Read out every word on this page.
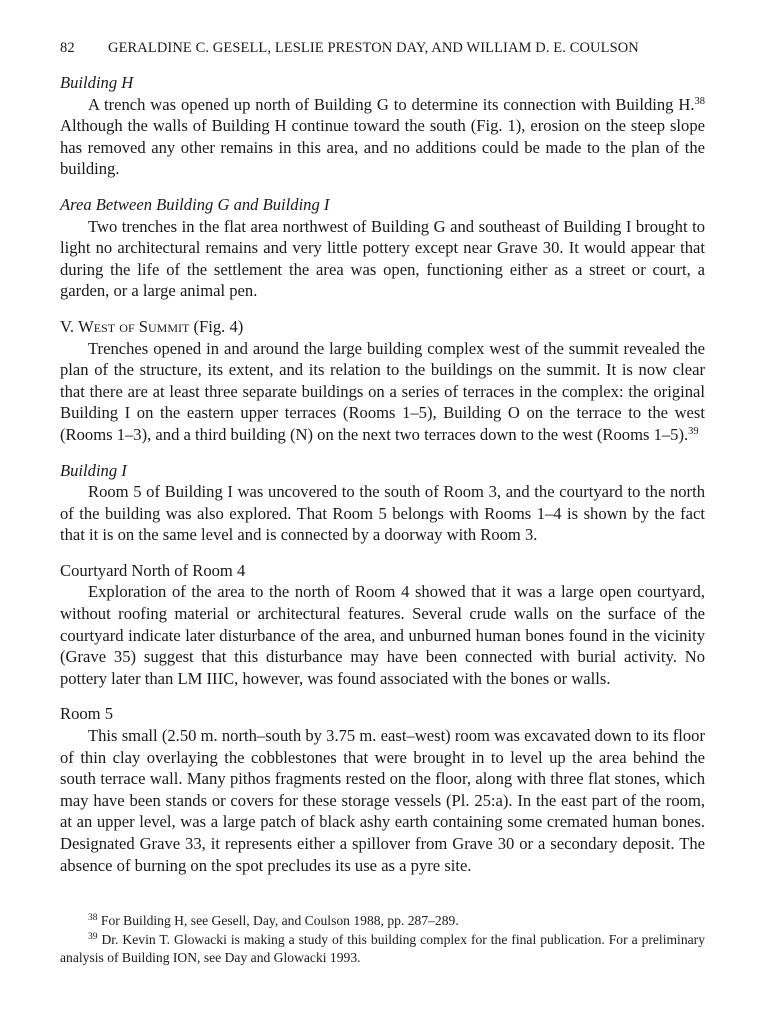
82 GERALDINE C. GESELL, LESLIE PRESTON DAY, AND WILLIAM D. E. COULSON

Building H

A trench was opened up north of Building G to determine its connection with Building H.$^{38}$ Although the walls of Building H continue toward the south (Fig. 1), erosion on the steep slope has removed any other remains in this area, and no additions could be made to the plan of the building.

Area Between Building G and Building I

Two trenches in the flat area northwest of Building G and southeast of Building I brought to light no architectural remains and very little pottery except near Grave 30. It would appear that during the life of the settlement the area was open, functioning either as a street or court, a garden, or a large animal pen.

V. West of Summit (Fig. 4)

Trenches opened in and around the large building complex west of the summit revealed the plan of the structure, its extent, and its relation to the buildings on the summit. It is now clear that there are at least three separate buildings on a series of terraces in the complex: the original Building I on the eastern upper terraces (Rooms 1–5), Building O on the terrace to the west (Rooms 1–3), and a third building (N) on the next two terraces down to the west (Rooms 1–5).$^{39}$

Building I

Room 5 of Building I was uncovered to the south of Room 3, and the courtyard to the north of the building was also explored. That Room 5 belongs with Rooms 1–4 is shown by the fact that it is on the same level and is connected by a doorway with Room 3.

Courtyard North of Room 4

Exploration of the area to the north of Room 4 showed that it was a large open courtyard, without roofing material or architectural features. Several crude walls on the surface of the courtyard indicate later disturbance of the area, and unburned human bones found in the vicinity (Grave 35) suggest that this disturbance may have been connected with burial activity. No pottery later than LM IIIC, however, was found associated with the bones or walls.

Room 5

This small (2.50 m. north–south by 3.75 m. east–west) room was excavated down to its floor of thin clay overlaying the cobblestones that were brought in to level up the area behind the south terrace wall. Many pithos fragments rested on the floor, along with three flat stones, which may have been stands or covers for these storage vessels (Pl. 25:a). In the east part of the room, at an upper level, was a large patch of black ashy earth containing some cremated human bones. Designated Grave 33, it represents either a spillover from Grave 30 or a secondary deposit. The absence of burning on the spot precludes its use as a pyre site.

$^{38}$ For Building H, see Gesell, Day, and Coulson 1988, pp. 287–289.

$^{39}$ Dr. Kevin T. Glowacki is making a study of this building complex for the final publication. For a preliminary analysis of Building ION, see Day and Glowacki 1993.
